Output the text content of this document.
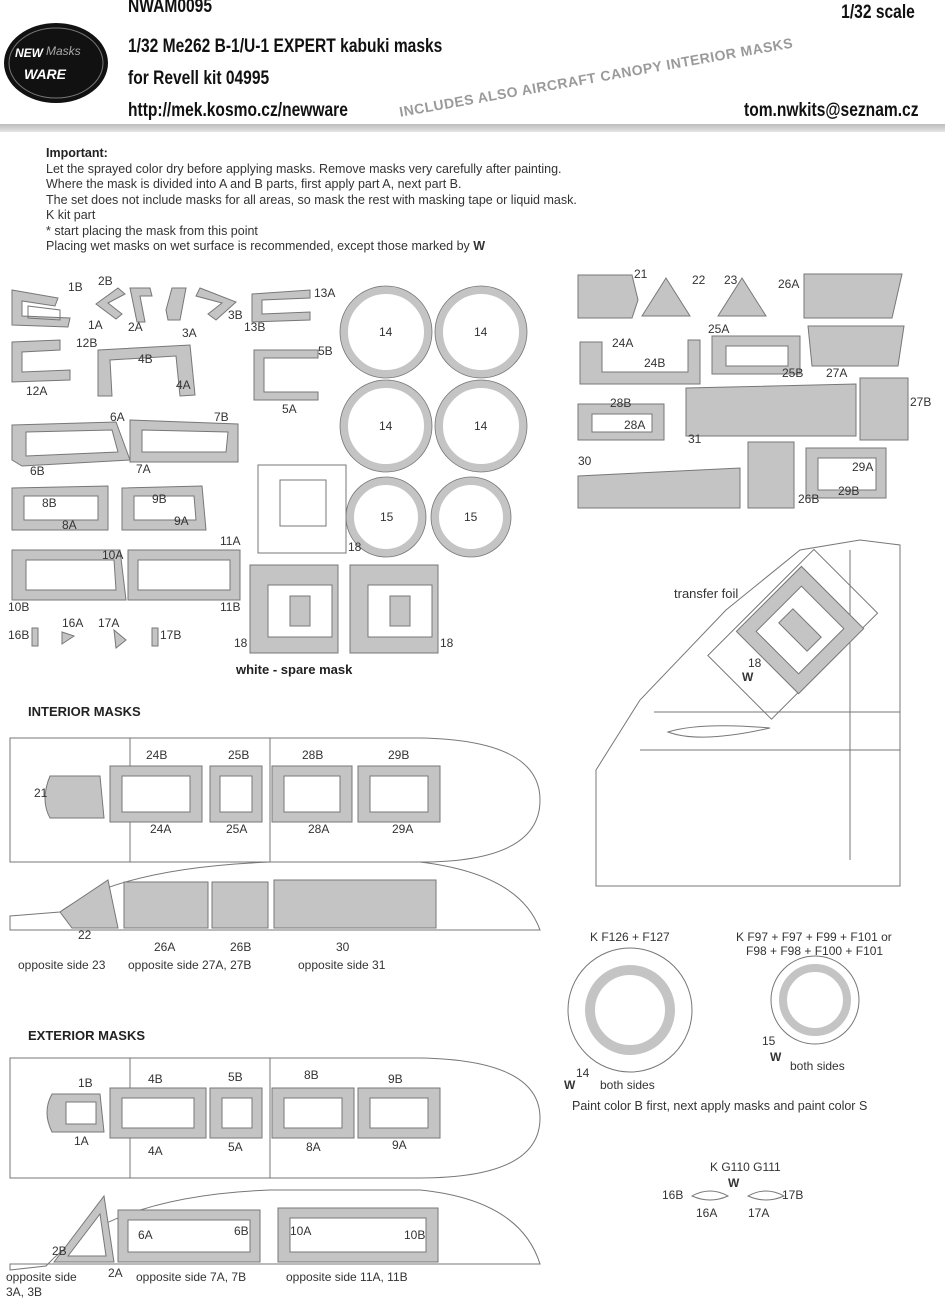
NEW Masks
WARE
NWAM0095	1/32 scale
1/32 Me262 B-1/U-1 EXPERT kabuki masks
for Revell kit 04995
http://mek.kosmo.cz/newware	tom.nwkits@seznam.cz
INCLUDES ALSO AIRCRAFT CANOPY INTERIOR MASKS
Important:
Let the sprayed color dry before applying masks. Remove masks very carefully after painting.
Where the mask is divided into A and B parts, first apply part A, next part B.
The set does not include masks for all areas, so mask the rest with masking tape or liquid mask.
K kit part
* start placing the mask from this point
Placing wet masks on wet surface is recommended, except those marked by W
1B 2B
1A 2A	3A
3B
13A
13B
12B
4B
5B
12A	4A
5A
6A	7B
6B	7A
8B	9B
8A	9A
10A
11A
10B	11B
16B
16A 17A
17B
14	14
14	14
15	15
18
18	18
white - spare mask
21	22 23	26A
25A
24A
24B
25B 27A
28B
28A
31
27B
30	29A
26B
29B
transfer foil
18
W
INTERIOR MASKS
24B	25B	28B	29B
24A	25A	28A	29A
21
22
26A	26B	30
opposite side 23 opposite side 27A, 27B	opposite side 31
EXTERIOR MASKS
1B	4B	5B	8B	9B
1A
4A	5A	8A	9A
6A	6B	10A	10B
2B
2A
opposite side
3A, 3B
opposite side 7A, 7B	opposite side 11A, 11B
K F126 + F127	K F97 + F97 + F99 + F101 or
F98 + F98 + F100 + F101
14
W both sides
15
W
both sides
Paint color B first, next apply masks and paint color S
K G110 G111
W
16B	17B
16A	17A
